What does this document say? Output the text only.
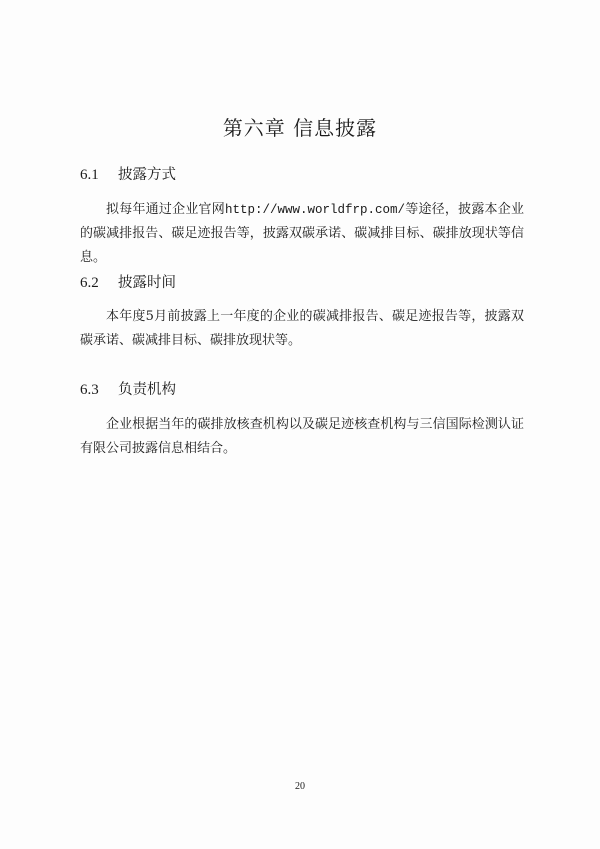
第六章 信息披露
6.1 披露方式
拟每年通过企业官网http://www.worldfrp.com/等途径，披露本企业的碳减排报告、碳足迹报告等，披露双碳承诺、碳减排目标、碳排放现状等信息。
6.2 披露时间
本年度5月前披露上一年度的企业的碳减排报告、碳足迹报告等，披露双碳承诺、碳减排目标、碳排放现状等。
6.3 负责机构
企业根据当年的碳排放核查机构以及碳足迹核查机构与三信国际检测认证有限公司披露信息相结合。
20
